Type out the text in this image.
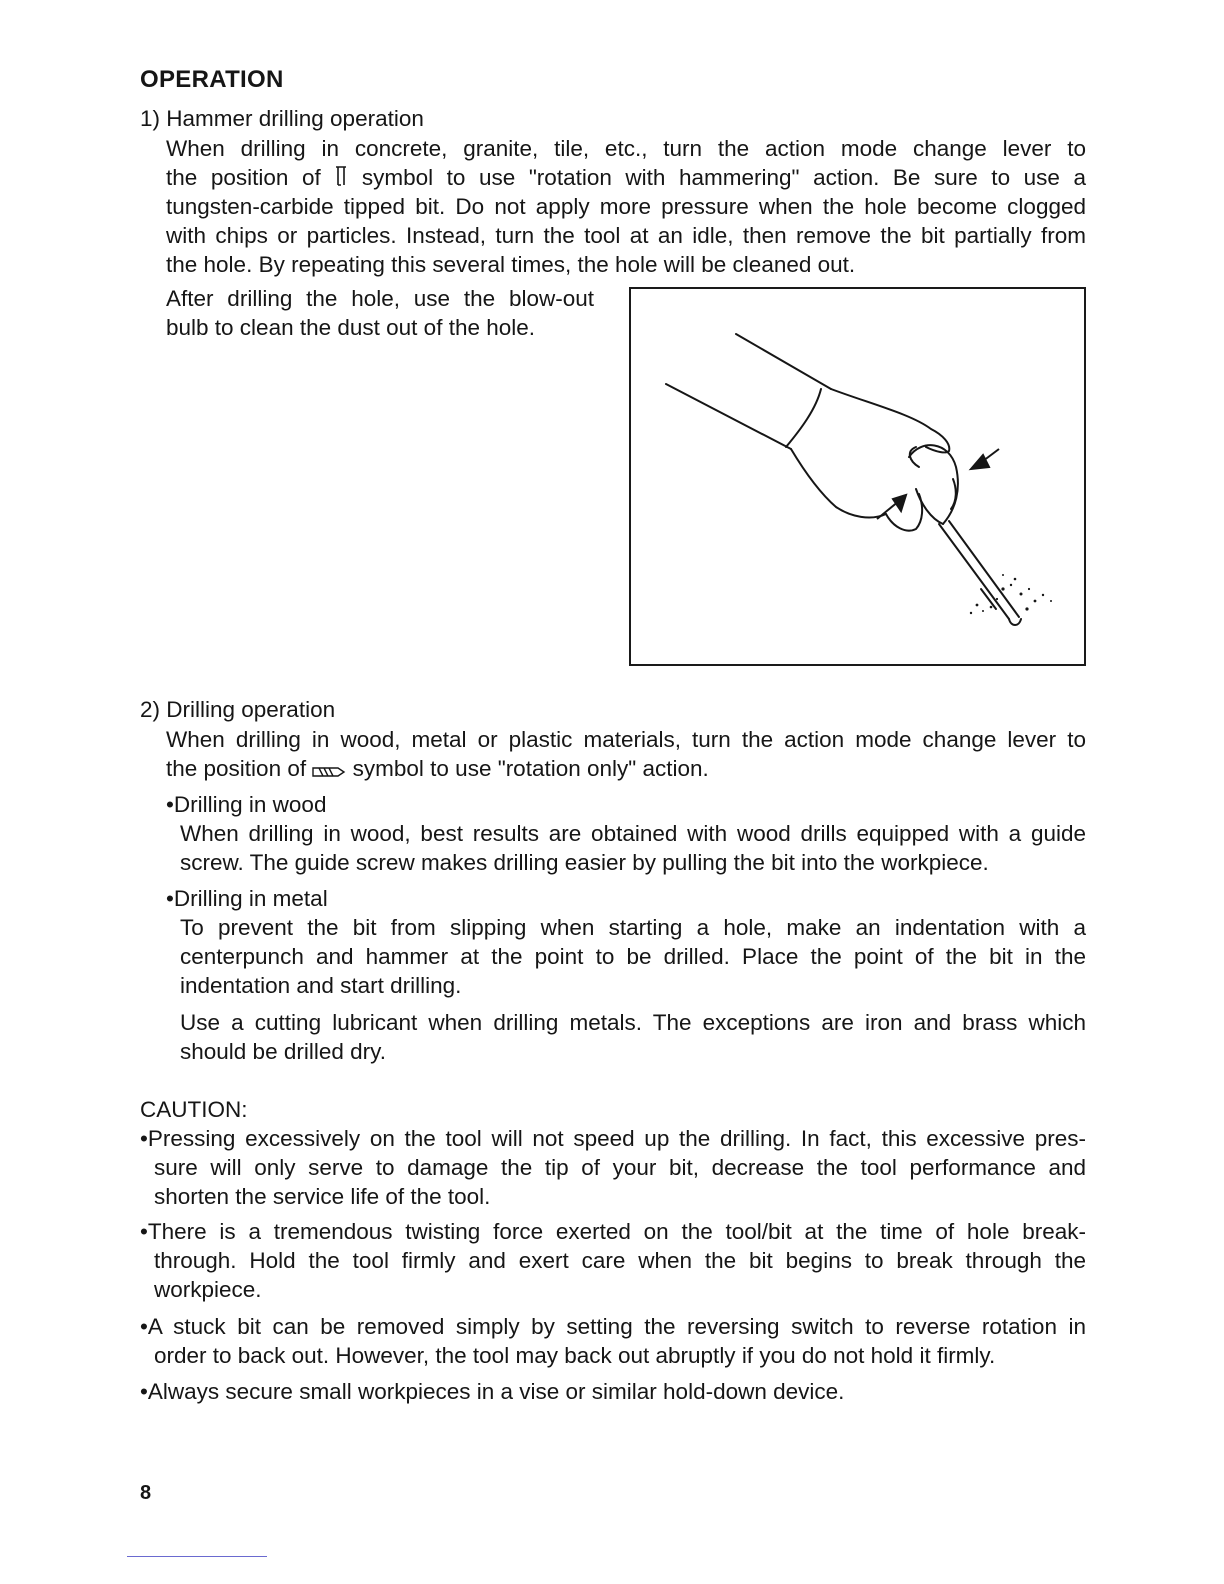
OPERATION

1) Hammer drilling operation

When drilling in concrete, granite, tile, etc., turn the action mode change lever to

the position of symbol to use "rotation with hammering" action. Be sure to use a

tungsten-carbide tipped bit. Do not apply more pressure when the hole become clogged

with chips or particles. Instead, turn the tool at an idle, then remove the bit partially from

the hole. By repeating this several times, the hole will be cleaned out.

After drilling the hole, use the blow-out

bulb to clean the dust out of the hole.

2) Drilling operation

When drilling in wood, metal or plastic materials, turn the action mode change lever to

the position of symbol to use "rotation only" action.

•Drilling in wood

When drilling in wood, best results are obtained with wood drills equipped with a guide

screw. The guide screw makes drilling easier by pulling the bit into the workpiece.

•Drilling in metal

To prevent the bit from slipping when starting a hole, make an indentation with a

centerpunch and hammer at the point to be drilled. Place the point of the bit in the

indentation and start drilling.

Use a cutting lubricant when drilling metals. The exceptions are iron and brass which

should be drilled dry.

CAUTION:

•Pressing excessively on the tool will not speed up the drilling. In fact, this excessive pres-

sure will only serve to damage the tip of your bit, decrease the tool performance and

shorten the service life of the tool.

•There is a tremendous twisting force exerted on the tool/bit at the time of hole break-

through. Hold the tool firmly and exert care when the bit begins to break through the

workpiece.

•A stuck bit can be removed simply by setting the reversing switch to reverse rotation in

order to back out. However, the tool may back out abruptly if you do not hold it firmly.

•Always secure small workpieces in a vise or similar hold-down device.

8
